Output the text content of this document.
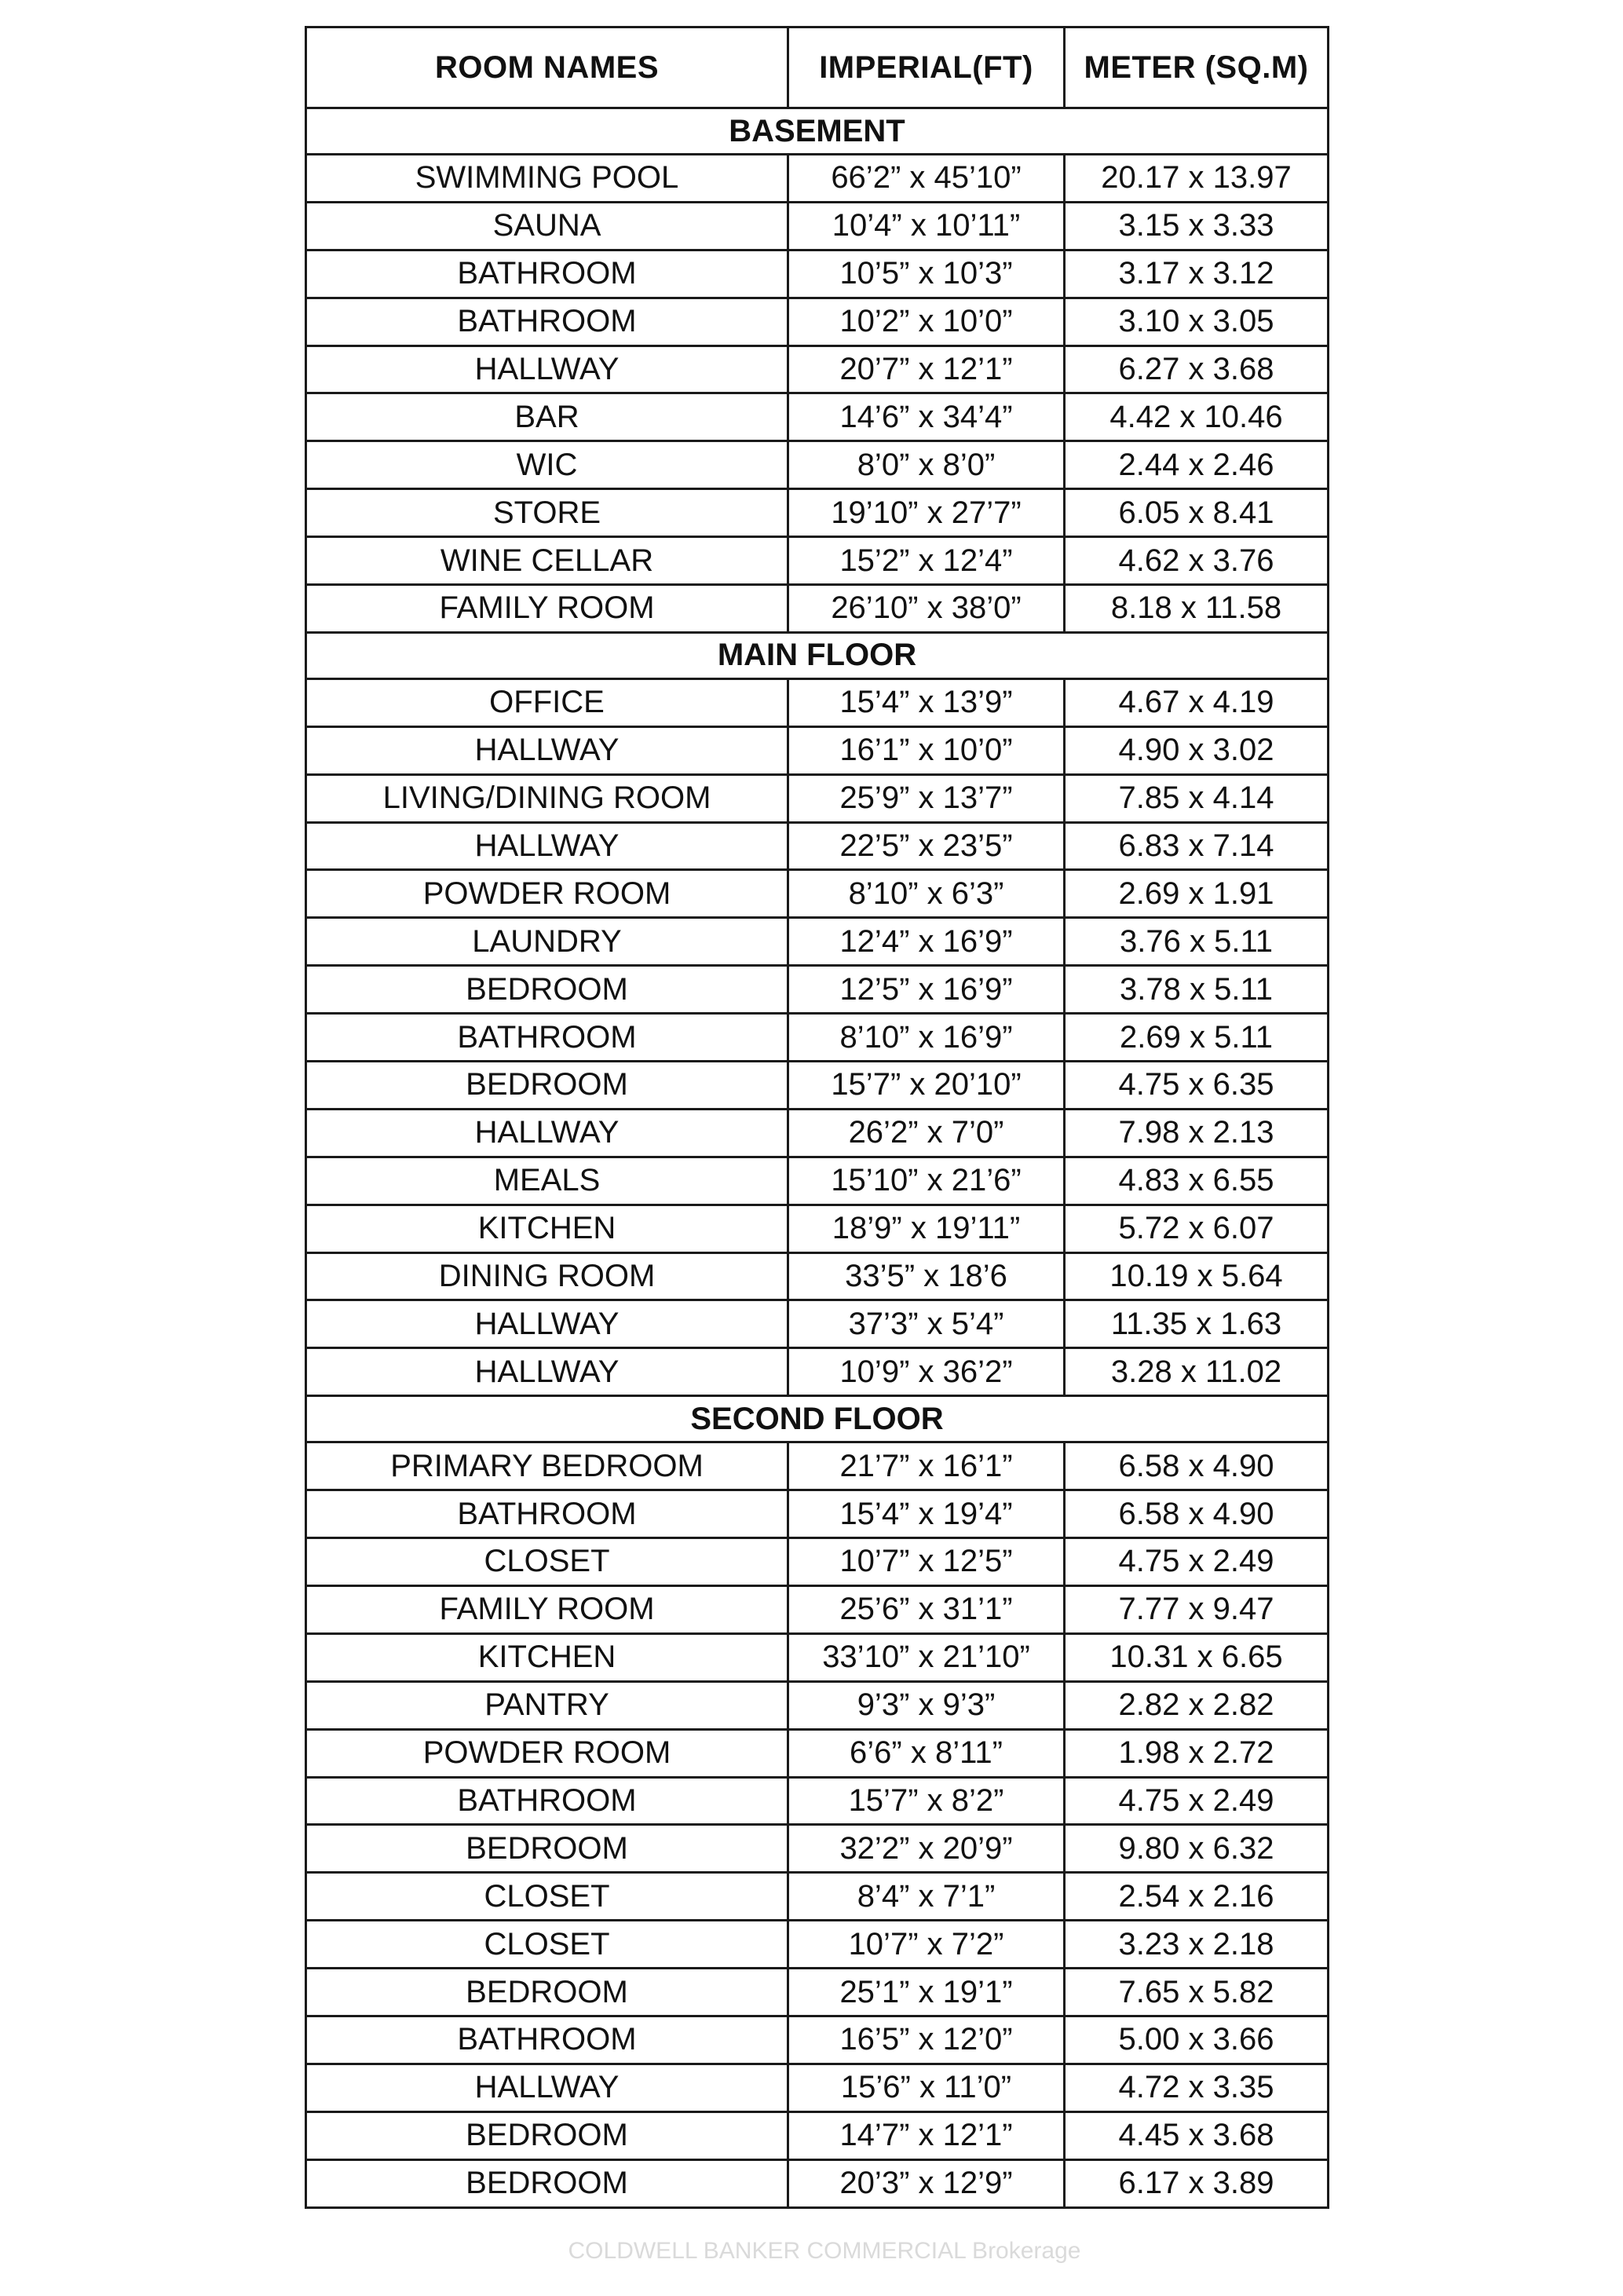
ROOM NAMES	IMPERIAL(FT)	METER (SQ.M)
BASEMENT		
SWIMMING POOL	66’2” x 45’10”	20.17 x 13.97
SAUNA	10’4” x 10’11”	3.15 x 3.33
BATHROOM	10’5” x 10’3”	3.17 x 3.12
BATHROOM	10’2” x 10’0”	3.10 x 3.05
HALLWAY	20’7” x 12’1”	6.27 x 3.68
BAR	14’6” x 34’4”	4.42 x 10.46
WIC	8’0” x 8’0”	2.44 x 2.46
STORE	19’10” x 27’7”	6.05 x 8.41
WINE CELLAR	15’2” x 12’4”	4.62 x 3.76
FAMILY ROOM	26’10” x 38’0”	8.18 x 11.58
MAIN FLOOR		
OFFICE	15’4” x 13’9”	4.67 x 4.19
HALLWAY	16’1” x 10’0”	4.90 x 3.02
LIVING/DINING ROOM	25’9” x 13’7”	7.85 x 4.14
HALLWAY	22’5” x 23’5”	6.83 x 7.14
POWDER ROOM	8’10” x 6’3”	2.69 x 1.91
LAUNDRY	12’4” x 16’9”	3.76 x 5.11
BEDROOM	12’5” x 16’9”	3.78 x 5.11
BATHROOM	8’10” x 16’9”	2.69 x 5.11
BEDROOM	15’7” x 20’10”	4.75 x 6.35
HALLWAY	26’2” x 7’0”	7.98 x 2.13
MEALS	15’10” x 21’6”	4.83 x 6.55
KITCHEN	18’9” x 19’11”	5.72 x 6.07
DINING ROOM	33’5” x 18’6	10.19 x 5.64
HALLWAY	37’3” x 5’4”	11.35 x 1.63
HALLWAY	10’9” x 36’2”	3.28 x 11.02
SECOND FLOOR		
PRIMARY BEDROOM	21’7” x 16’1”	6.58 x 4.90
BATHROOM	15’4” x 19’4”	6.58 x 4.90
CLOSET	10’7” x 12’5”	4.75 x 2.49
FAMILY ROOM	25’6” x 31’1”	7.77 x 9.47
KITCHEN	33’10” x 21’10”	10.31 x 6.65
PANTRY	9’3” x 9’3”	2.82 x 2.82
POWDER ROOM	6’6” x 8’11”	1.98 x 2.72
BATHROOM	15’7” x 8’2”	4.75 x 2.49
BEDROOM	32’2” x 20’9”	9.80 x 6.32
CLOSET	8’4” x 7’1”	2.54 x 2.16
CLOSET	10’7” x 7’2”	3.23 x 2.18
BEDROOM	25’1” x 19’1”	7.65 x 5.82
BATHROOM	16’5” x 12’0”	5.00 x 3.66
HALLWAY	15’6” x 11’0”	4.72 x 3.35
BEDROOM	14’7” x 12’1”	4.45 x 3.68
BEDROOM	20’3” x 12’9”	6.17 x 3.89
COLDWELL BANKER COMMERCIAL Brokerage
